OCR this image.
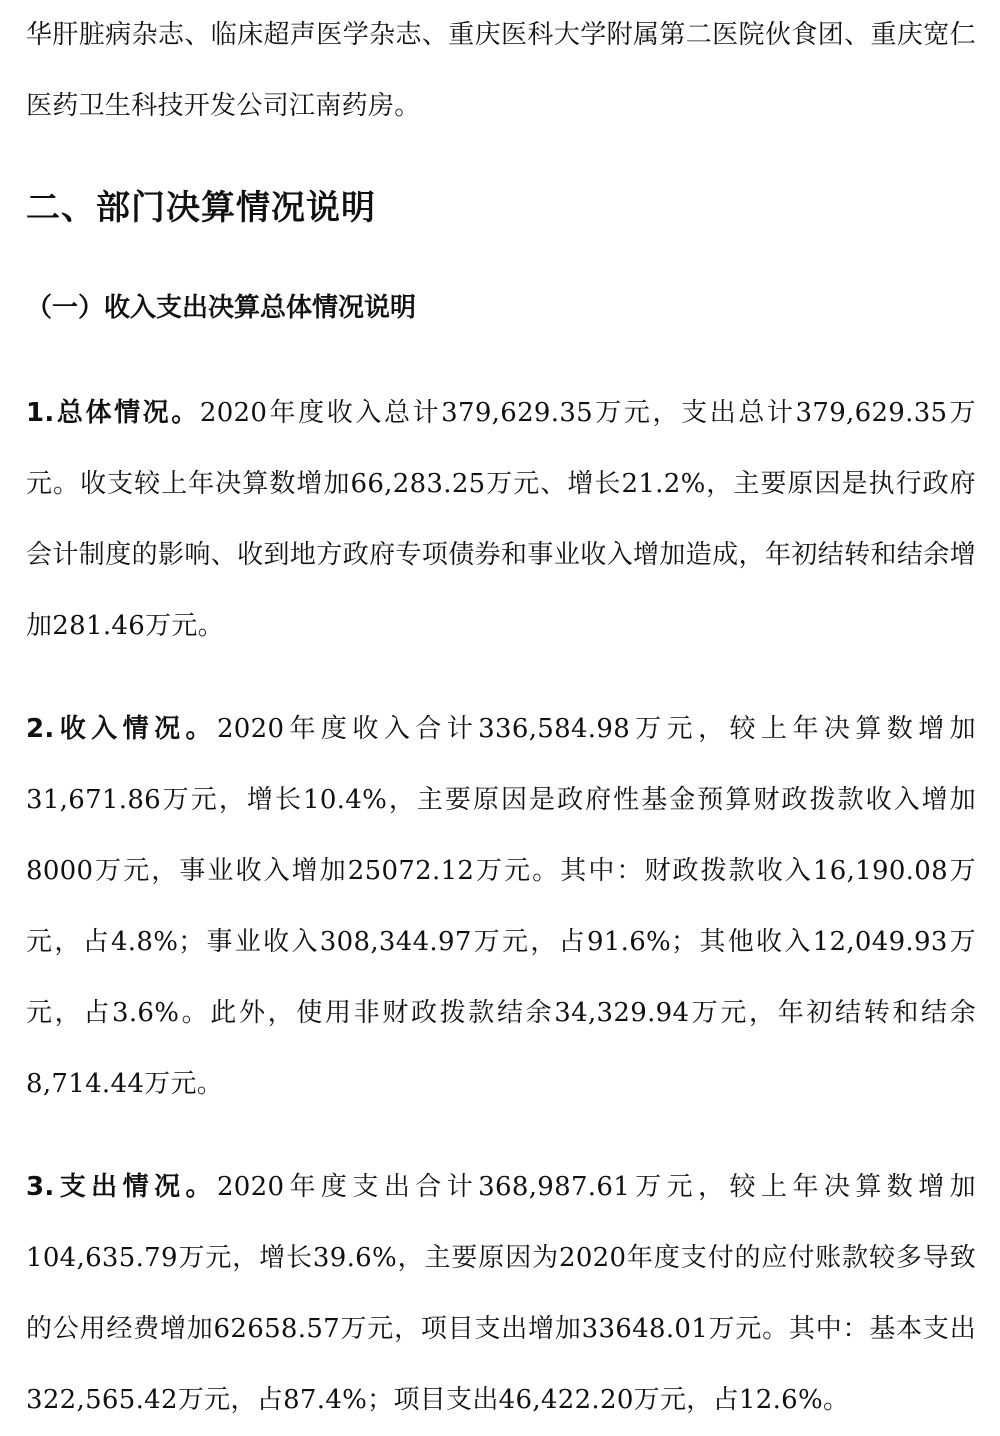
华肝脏病杂志、临床超声医学杂志、重庆医科大学附属第二医院伙食团、重庆宽仁医药卫生科技开发公司江南药房。

二、部门决算情况说明
（一）收入支出决算总体情况说明

1.总体情况。2020年度收入总计379,629.35万元，支出总计379,629.35万元。收支较上年决算数增加66,283.25万元、增长21.2%，主要原因是执行政府会计制度的影响、收到地方政府专项债券和事业收入增加造成，年初结转和结余增加281.46万元。

2.收入情况。2020年度收入合计336,584.98万元，较上年决算数增加31,671.86万元，增长10.4%，主要原因是政府性基金预算财政拨款收入增加8000万元，事业收入增加25072.12万元。其中：财政拨款收入16,190.08万元，占4.8%；事业收入308,344.97万元，占91.6%；其他收入12,049.93万元，占3.6%。此外，使用非财政拨款结余34,329.94万元，年初结转和结余8,714.44万元。

3.支出情况。2020年度支出合计368,987.61万元，较上年决算数增加104,635.79万元，增长39.6%，主要原因为2020年度支付的应付账款较多导致的公用经费增加62658.57万元，项目支出增加33648.01万元。其中：基本支出322,565.42万元，占87.4%；项目支出46,422.20万元，占12.6%。
